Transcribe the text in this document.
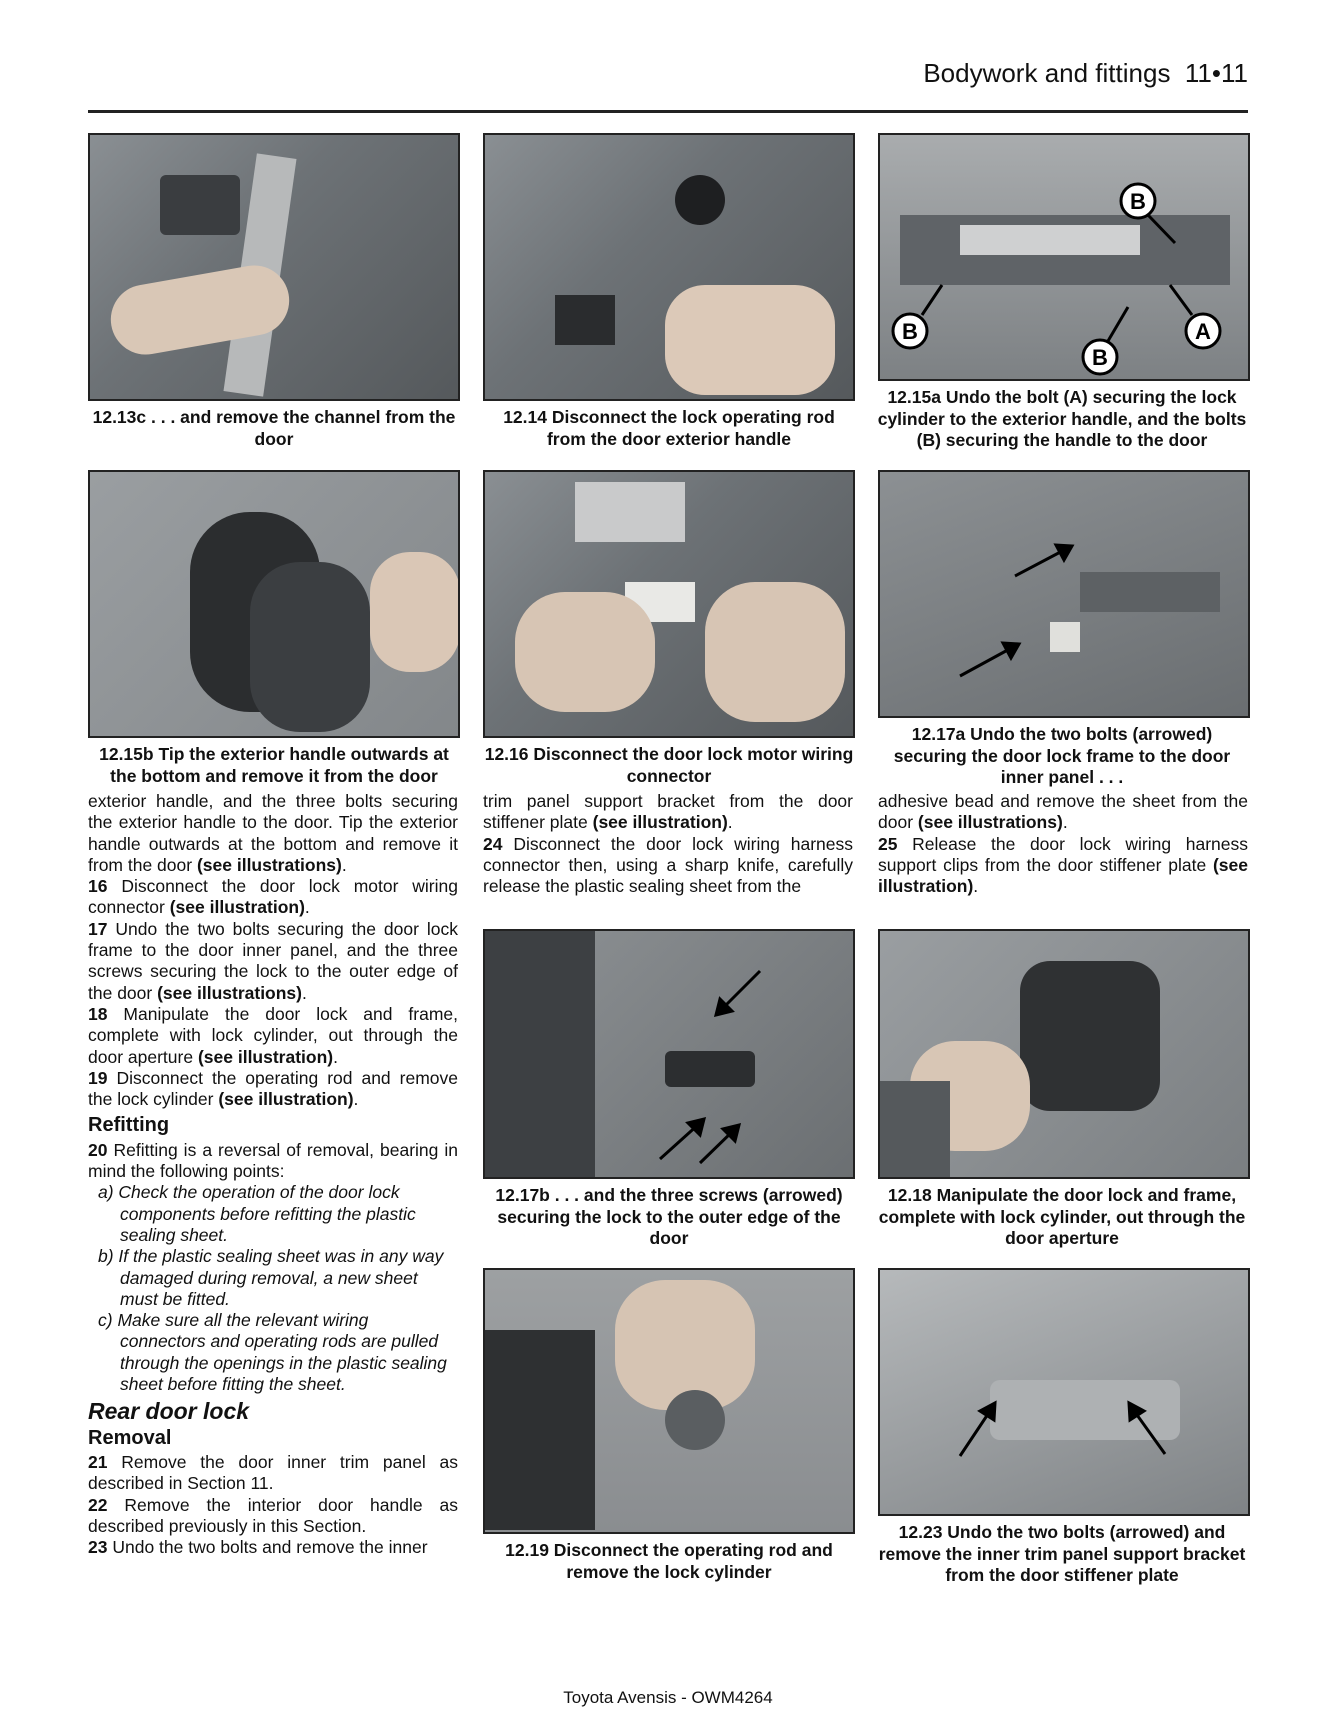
Bodywork and fittings 11•11
12.13c . . . and remove the channel from the door
12.14 Disconnect the lock operating rod from the door exterior handle
B
B
B
A
12.15a Undo the bolt (A) securing the lock cylinder to the exterior handle, and the bolts (B) securing the handle to the door
12.15b Tip the exterior handle outwards at the bottom and remove it from the door
12.16 Disconnect the door lock motor wiring connector
12.17a Undo the two bolts (arrowed) securing the door lock frame to the door inner panel . . .

exterior handle, and the three bolts securing the exterior handle to the door. Tip the exterior handle outwards at the bottom and remove it from the door (see illustrations).

16 Disconnect the door lock motor wiring connector (see illustration).

17 Undo the two bolts securing the door lock frame to the door inner panel, and the three screws securing the lock to the outer edge of the door (see illustrations).

18 Manipulate the door lock and frame, complete with lock cylinder, out through the door aperture (see illustration).

19 Disconnect the operating rod and remove the lock cylinder (see illustration).

Refitting

20 Refitting is a reversal of removal, bearing in mind the following points:

a) Check the operation of the door lock components before refitting the plastic sealing sheet.

b) If the plastic sealing sheet was in any way damaged during removal, a new sheet must be fitted.

c) Make sure all the relevant wiring connectors and operating rods are pulled through the openings in the plastic sealing sheet before fitting the sheet.

Rear door lock
Removal

21 Remove the door inner trim panel as described in Section 11.

22 Remove the interior door handle as described previously in this Section.

23 Undo the two bolts and remove the inner

trim panel support bracket from the door stiffener plate (see illustration).

24 Disconnect the door lock wiring harness connector then, using a sharp knife, carefully release the plastic sealing sheet from the

adhesive bead and remove the sheet from the door (see illustrations).

25 Release the door lock wiring harness support clips from the door stiffener plate (see illustration).

12.17b . . . and the three screws (arrowed) securing the lock to the outer edge of the door
12.18 Manipulate the door lock and frame, complete with lock cylinder, out through the door aperture
12.19 Disconnect the operating rod and remove the lock cylinder
12.23 Undo the two bolts (arrowed) and remove the inner trim panel support bracket from the door stiffener plate
Toyota Avensis - OWM4264
